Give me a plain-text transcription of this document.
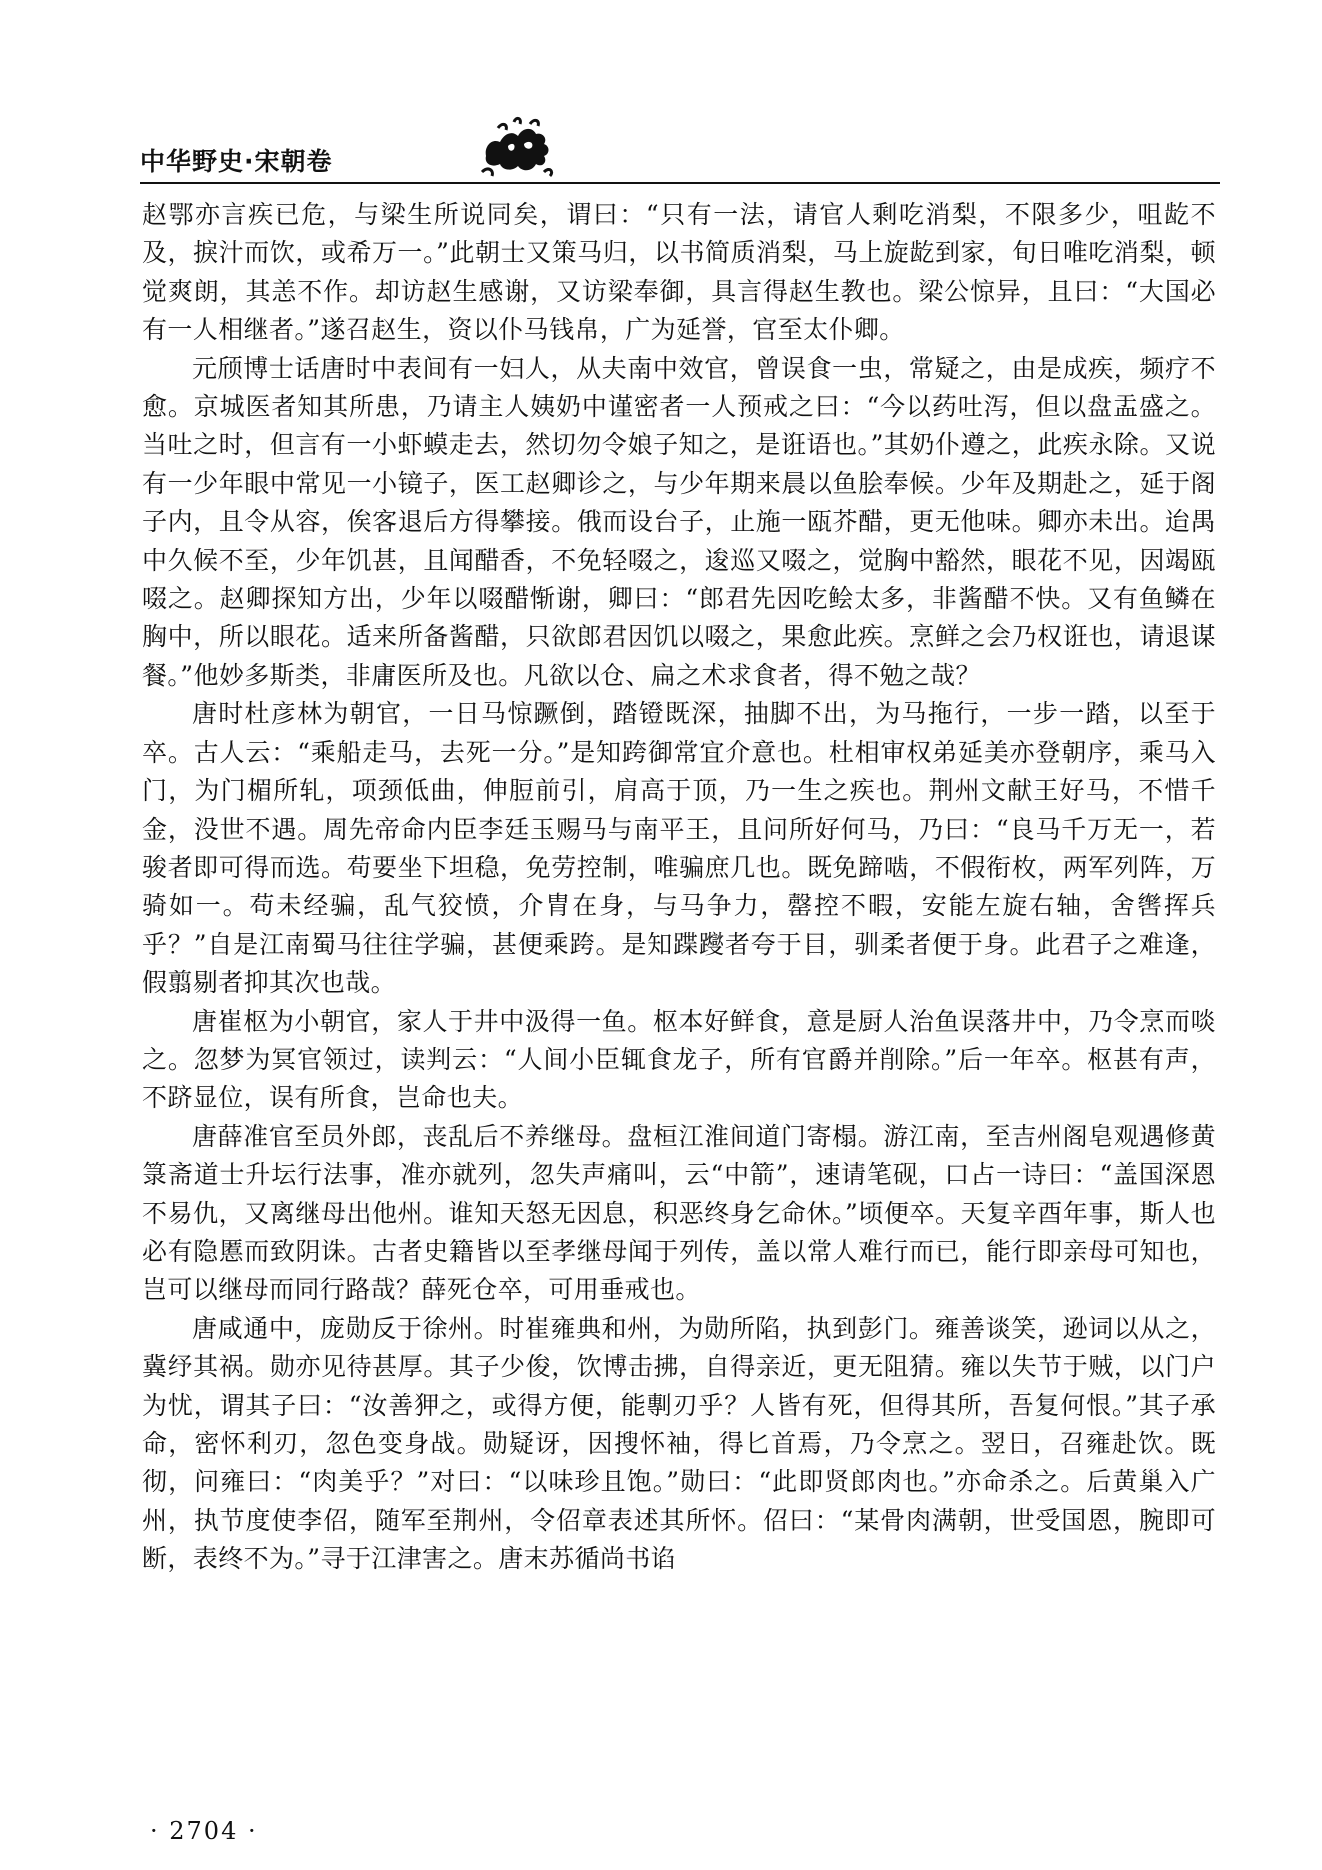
中华野史·宋朝卷

赵鄂亦言疾已危，与梁生所说同矣，谓曰：“只有一法，请官人剩吃消梨，不限多少，咀龁不及，捩汁而饮，或希万一。”此朝士又策马归，以书简质消梨，马上旋龁到家，旬日唯吃消梨，顿觉爽朗，其恙不作。却访赵生感谢，又访梁奉御，具言得赵生教也。梁公惊异，且曰：“大国必有一人相继者。”遂召赵生，资以仆马钱帛，广为延誉，官至太仆卿。

元颀博士话唐时中表间有一妇人，从夫南中效官，曾误食一虫，常疑之，由是成疾，频疗不愈。京城医者知其所患，乃请主人姨奶中谨密者一人预戒之曰：“今以药吐泻，但以盘盂盛之。当吐之时，但言有一小虾蟆走去，然切勿令娘子知之，是诳语也。”其奶仆遵之，此疾永除。又说有一少年眼中常见一小镜子，医工赵卿诊之，与少年期来晨以鱼脍奉候。少年及期赴之，延于阁子内，且令从容，俟客退后方得攀接。俄而设台子，止施一瓯芥醋，更无他味。卿亦未出。迨禺中久候不至，少年饥甚，且闻醋香，不免轻啜之，逡巡又啜之，觉胸中豁然，眼花不见，因竭瓯啜之。赵卿探知方出，少年以啜醋惭谢，卿曰：“郎君先因吃鲙太多，非酱醋不快。又有鱼鳞在胸中，所以眼花。适来所备酱醋，只欲郎君因饥以啜之，果愈此疾。烹鲜之会乃权诳也，请退谋餐。”他妙多斯类，非庸医所及也。凡欲以仓、扁之术求食者，得不勉之哉？

唐时杜彦林为朝官，一日马惊蹶倒，踏镫既深，抽脚不出，为马拖行，一步一踏，以至于卒。古人云：“乘船走马，去死一分。”是知跨御常宜介意也。杜相审权弟延美亦登朝序，乘马入门，为门楣所轧，项颈低曲，伸脰前引，肩高于顶，乃一生之疾也。荆州文献王好马，不惜千金，没世不遇。周先帝命内臣李廷玉赐马与南平王，且问所好何马，乃曰：“良马千万无一，若骏者即可得而选。苟要坐下坦稳，免劳控制，唯骗庶几也。既免蹄啮，不假衔枚，两军列阵，万骑如一。苟未经骗，乱气狡愤，介胄在身，与马争力，罄控不暇，安能左旋右轴，舍辔挥兵乎？”自是江南蜀马往往学骗，甚便乘跨。是知蹀躞者夸于目，驯柔者便于身。此君子之难逢，假翦剔者抑其次也哉。

唐崔枢为小朝官，家人于井中汲得一鱼。枢本好鲜食，意是厨人治鱼误落井中，乃令烹而啖之。忽梦为冥官领过，读判云：“人间小臣辄食龙子，所有官爵并削除。”后一年卒。枢甚有声，不跻显位，误有所食，岂命也夫。

唐薛准官至员外郎，丧乱后不养继母。盘桓江淮间道门寄榻。游江南，至吉州阁皂观遇修黄箓斋道士升坛行法事，准亦就列，忽失声痛叫，云“中箭”，速请笔砚，口占一诗曰：“盖国深恩不易仇，又离继母出他州。谁知天怒无因息，积恶终身乞命休。”顷便卒。天复辛酉年事，斯人也必有隐慝而致阴诛。古者史籍皆以至孝继母闻于列传，盖以常人难行而已，能行即亲母可知也，岂可以继母而同行路哉？薛死仓卒，可用垂戒也。

唐咸通中，庞勋反于徐州。时崔雍典和州，为勋所陷，执到彭门。雍善谈笑，逊词以从之，冀纾其祸。勋亦见待甚厚。其子少俊，饮博击拂，自得亲近，更无阻猜。雍以失节于贼，以门户为忧，谓其子曰：“汝善狎之，或得方便，能剸刃乎？人皆有死，但得其所，吾复何恨。”其子承命，密怀利刃，忽色变身战。勋疑讶，因搜怀袖，得匕首焉，乃令烹之。翌日，召雍赴饮。既彻，问雍曰：“肉美乎？”对曰：“以味珍且饱。”勋曰：“此即贤郎肉也。”亦命杀之。后黄巢入广州，执节度使李佋，随军至荆州，令佋章表述其所怀。佋曰：“某骨肉满朝，世受国恩，腕即可断，表终不为。”寻于江津害之。唐末苏循尚书谄

· 2704 ·
